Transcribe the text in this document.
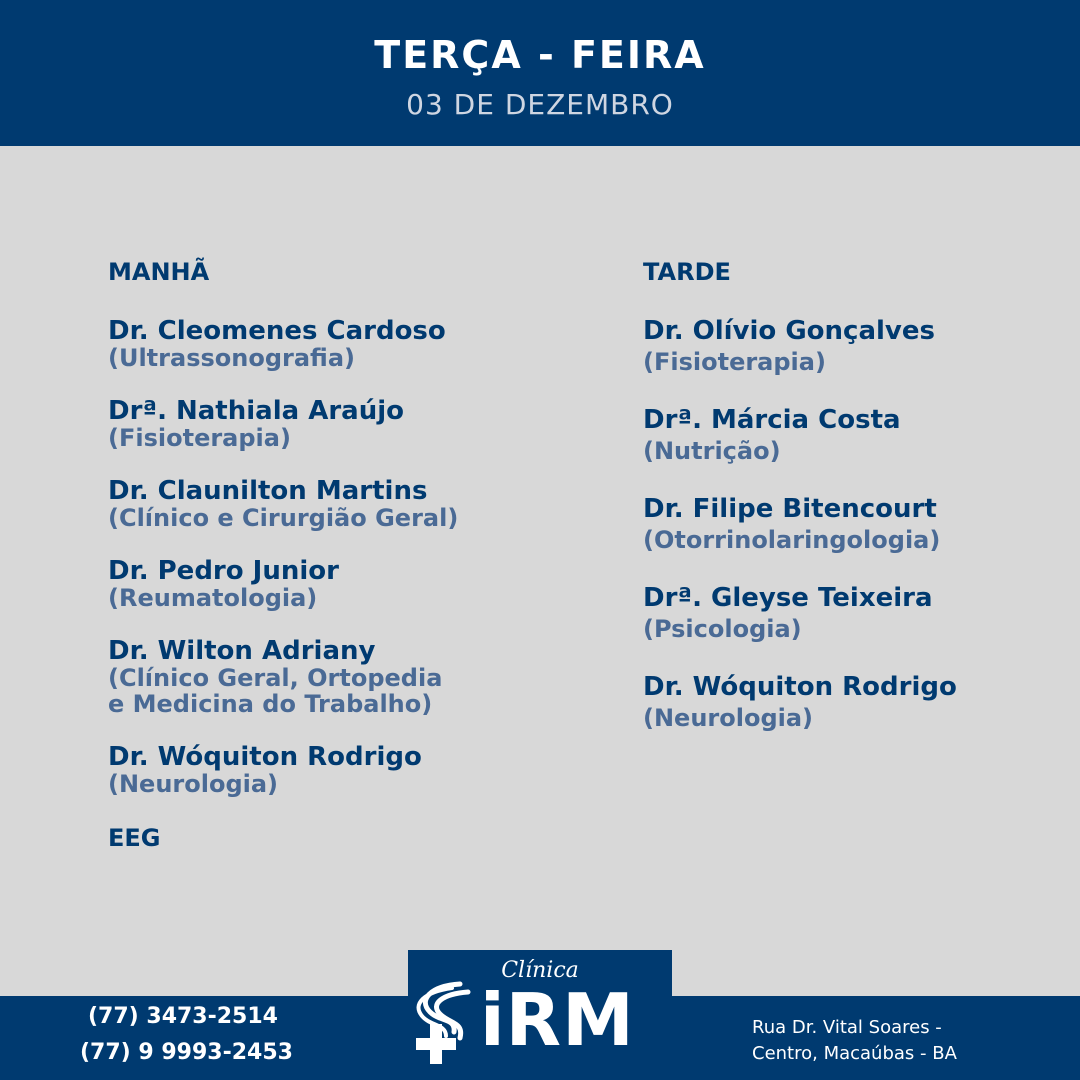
TERÇA - FEIRA
03 DE DEZEMBRO
MANHÃ
Dr. Cleomenes Cardoso
(Ultrassonografia)
Drª. Nathiala Araújo
(Fisioterapia)
Dr. Claunilton Martins
(Clínico e Cirurgião Geral)
Dr. Pedro Junior
(Reumatologia)
Dr. Wilton Adriany
(Clínico Geral, Ortopedia
e Medicina do Trabalho)
Dr. Wóquiton Rodrigo
(Neurologia)
EEG
TARDE
Dr. Olívio Gonçalves
(Fisioterapia)
Drª. Márcia Costa
(Nutrição)
Dr. Filipe Bitencourt
(Otorrinolaringologia)
Drª. Gleyse Teixeira
(Psicologia)
Dr. Wóquiton Rodrigo
(Neurologia)
(77) 3473-2514
(77) 9 9993-2453
Rua Dr. Vital Soares -
Centro, Macaúbas - BA
Clínica
iRM
